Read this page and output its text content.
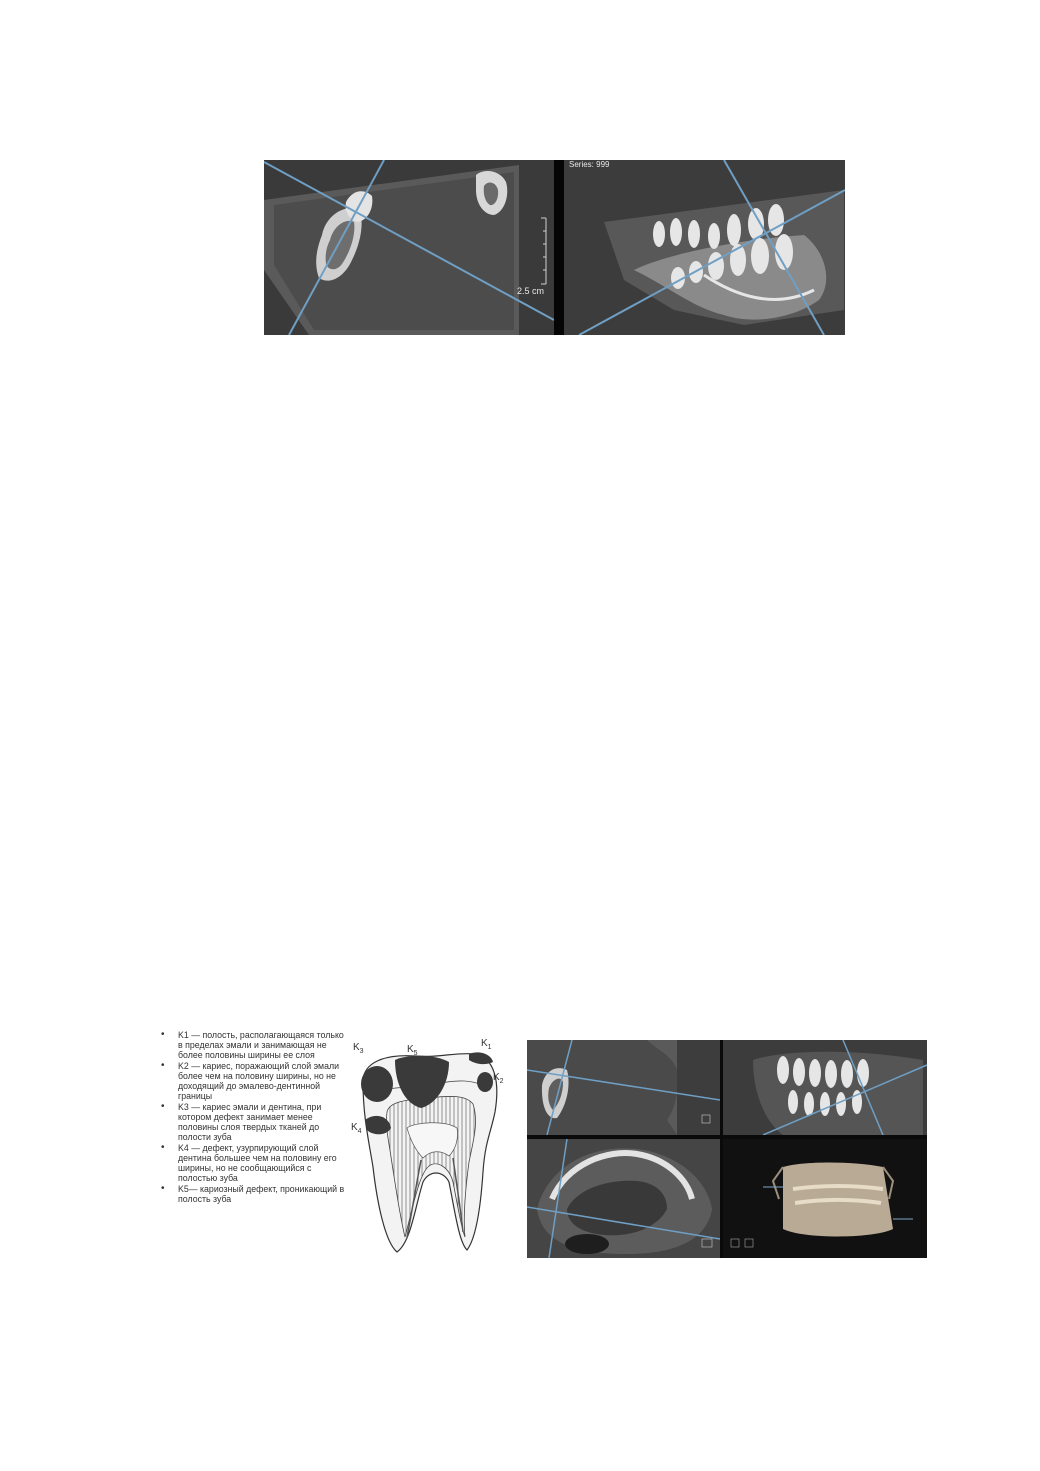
2.5 cm
Series: 999
• K1 — полость, располагающаяся только в пределах эмали и занимающая не более половины ширины ее слоя
• K2 — кариес, поражающий слой эмали более чем на половину ширины, но не доходящий до эмалево-дентинной границы
• K3 — кариес эмали и дентина, при котором дефект занимает менее половины слоя твердых тканей до полости зуба
• K4 — дефект, узурпирующий слой дентина большее чем на половину его ширины, но не сообщающийся с полостью зуба
• K5— кариозный дефект, проникающий в полость зуба
$K_3$	$K_5$
$K_1$
$K_2$
$K_4$
